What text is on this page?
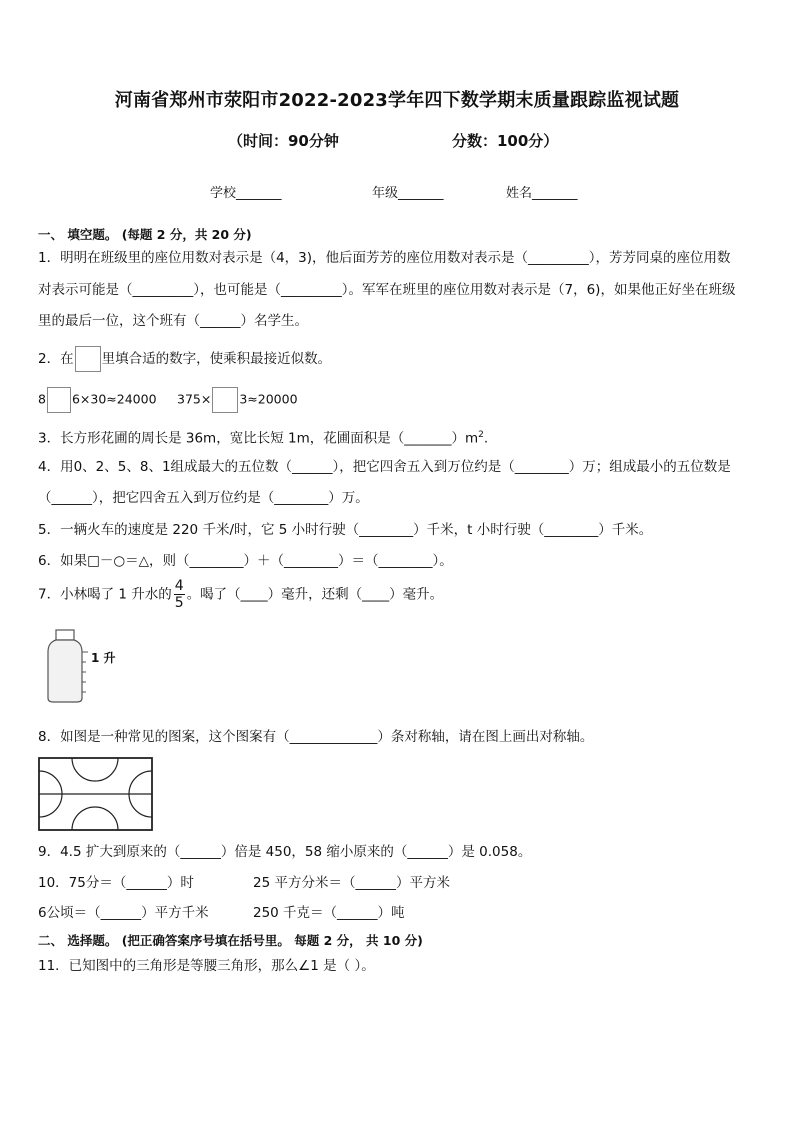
河南省郑州市荥阳市2022-2023学年四下数学期末质量跟踪监视试题
（时间：90分钟	分数：100分）
学校_______	年级_______	姓名_______
一、 填空题。 (每题 2 分，共 20 分)
1．明明在班级里的座位用数对表示是（4，3)，他后面芳芳的座位用数对表示是（_________），芳芳同桌的座位用数
对表示可能是（_________），也可能是（_________）。军军在班里的座位用数对表示是（7，6)，如果他正好坐在班级
里的最后一位，这个班有（______）名学生。
2．在 里填合适的数字，使乘积最接近似数。
8 6×30≈24000 375× 3≈20000
3．长方形花圃的周长是 36m，宽比长短 1m，花圃面积是$(\_\_\_\_\_\_\_)m^2$.
4．用0、2、5、8、1组成最大的五位数（______），把它四舍五入到万位约是（________）万；组成最小的五位数是
（______），把它四舍五入到万位约是（________）万。
5．一辆火车的速度是 220 千米/时，它 5 小时行驶（________）千米，t 小时行驶（________）千米。
6．如果□－○＝△，则（________）＋（________）＝（________）。
7．小林喝了 1 升水的 $\frac{4}{5}$ 。喝了（____）毫升，还剩（____）毫升。
1 升
8．如图是一种常见的图案，这个图案有（_____________）条对称轴，请在图上画出对称轴。
9．4.5 扩大到原来的（______）倍是 450，58 缩小原来的（______）是 0.058。
10．75分＝（______）时	25 平方分米＝（______）平方米
6公顷＝（______）平方千米	250 千克＝（______）吨
二、 选择题。 (把正确答案序号填在括号里。 每题 2 分， 共 10 分)
11．已知图中的三角形是等腰三角形，那么∠1 是（ ）。
